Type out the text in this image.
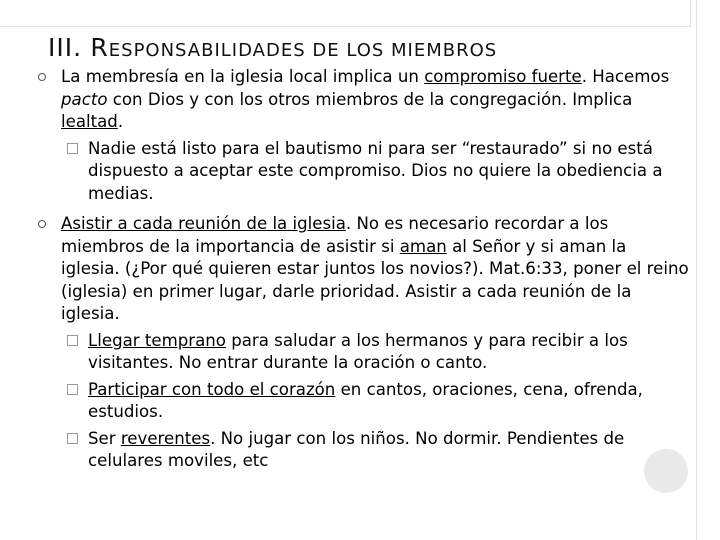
III. RESPONSABILIDADES DE LOS MIEMBROS
La membresía en la iglesia local implica un compromiso fuerte. Hacemos pacto con Dios y con los otros miembros de la congregación. Implica lealtad.
Nadie está listo para el bautismo ni para ser “restaurado” si no está dispuesto a aceptar este compromiso. Dios no quiere la obediencia a medias.
Asistir a cada reunión de la iglesia. No es necesario recordar a los miembros de la importancia de asistir si aman al Señor y si aman la iglesia. (¿Por qué quieren estar juntos los novios?). Mat.6:33, poner el reino (iglesia) en primer lugar, darle prioridad. Asistir a cada reunión de la iglesia.
Llegar temprano para saludar a los hermanos y para recibir a los visitantes. No entrar durante la oración o canto.
Participar con todo el corazón en cantos, oraciones, cena, ofrenda, estudios.
Ser reverentes. No jugar con los niños. No dormir. Pendientes de celulares moviles, etc
